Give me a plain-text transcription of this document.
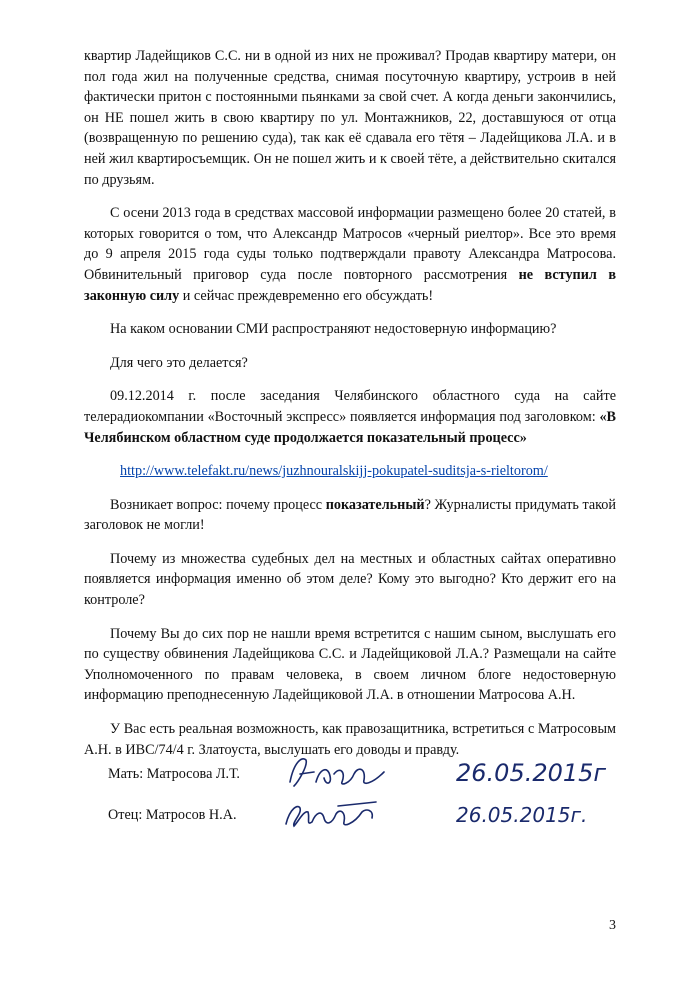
квартир Ладейщиков С.С. ни в одной из них не проживал? Продав квартиру матери, он пол года жил на полученные средства, снимая посуточную квартиру, устроив в ней фактически притон с постоянными пьянками за свой счет. А когда деньги закончились, он НЕ пошел жить в свою квартиру по ул. Монтажников, 22, доставшуюся от отца (возвращенную по решению суда), так как её сдавала его тётя – Ладейщикова Л.А. и в ней жил квартиросъемщик. Он не пошел жить и к своей тёте, а действительно скитался по друзьям.

С осени 2013 года в средствах массовой информации размещено более 20 статей, в которых говорится о том, что Александр Матросов «черный риелтор». Все это время до 9 апреля 2015 года суды только подтверждали правоту Александра Матросова. Обвинительный приговор суда после повторного рассмотрения не вступил в законную силу и сейчас преждевременно его обсуждать!

На каком основании СМИ распространяют недостоверную информацию?

Для чего это делается?

09.12.2014 г. после заседания Челябинского областного суда на сайте телерадиокомпании «Восточный экспресс» появляется информация под заголовком: «В Челябинском областном суде продолжается показательный процесс»

http://www.telefakt.ru/news/juzhnouralskijj-pokupatel-suditsja-s-rieltorom/

Возникает вопрос: почему процесс показательный? Журналисты придумать такой заголовок не могли!

Почему из множества судебных дел на местных и областных сайтах оперативно появляется информация именно об этом деле? Кому это выгодно? Кто держит его на контроле?

Почему Вы до сих пор не нашли время встретится с нашим сыном, выслушать его по существу обвинения Ладейщикова С.С. и Ладейщиковой Л.А.? Размещали на сайте Уполномоченного по правам человека, в своем личном блоге недостоверную информацию преподнесенную Ладейщиковой Л.А. в отношении Матросова А.Н.

У Вас есть реальная возможность, как правозащитника, встретиться с Матросовым А.Н. в ИВС/74/4 г. Златоуста, выслушать его доводы и правду.

Мать: Матросова Л.Т.
Отец: Матросов Н.А.
26.05.2015г
26.05.2015г.
3
